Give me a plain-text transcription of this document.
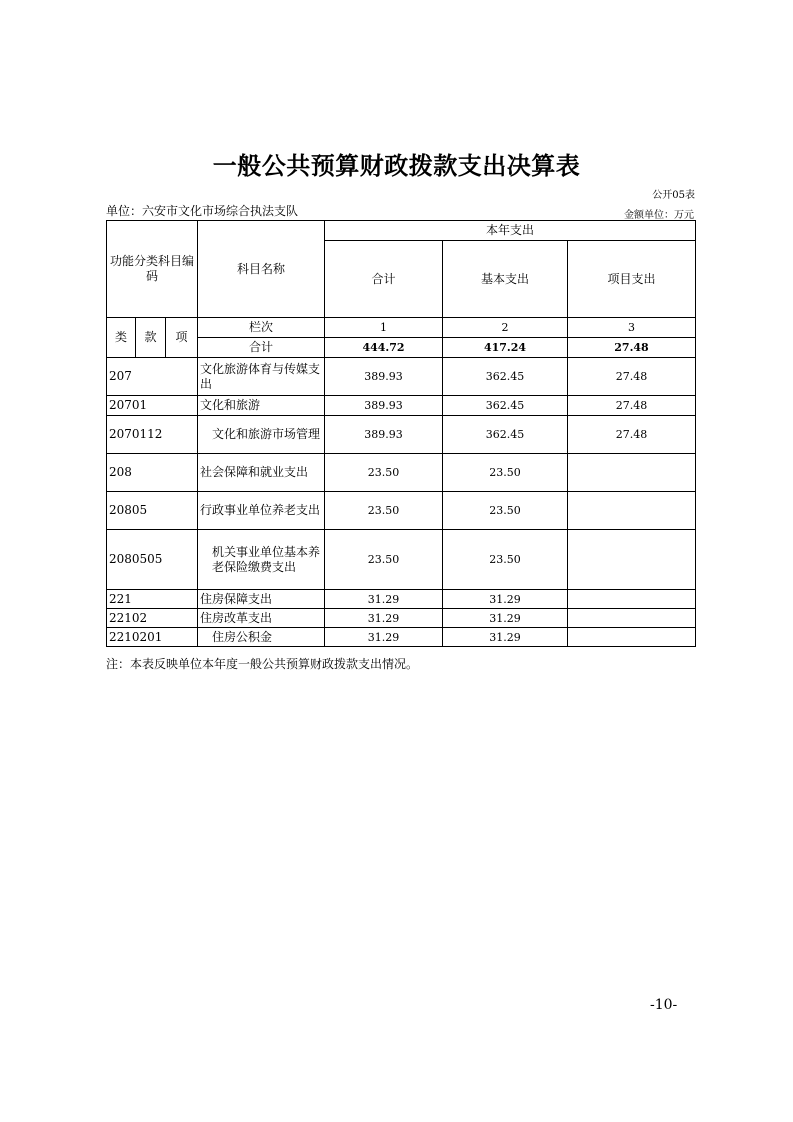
一般公共预算财政拨款支出决算表
公开05表
单位：六安市文化市场综合执法支队	金额单位：万元
功能分类科目编码			科目名称	本年支出		
				合计	基本支出	项目支出
类	款	项	栏次	1	2	3
			合计	444.72	417.24	27.48
207			文化旅游体育与传媒支出	389.93	362.45	27.48
20701			文化和旅游	389.93	362.45	27.48
2070112			文化和旅游市场管理	389.93	362.45	27.48
208			社会保障和就业支出	23.50	23.50	
20805			行政事业单位养老支出	23.50	23.50	
2080505			机关事业单位基本养老保险缴费支出	23.50	23.50	
221			住房保障支出	31.29	31.29	
22102			住房改革支出	31.29	31.29	
2210201			住房公积金	31.29	31.29	
注：本表反映单位本年度一般公共预算财政拨款支出情况。
-10-
